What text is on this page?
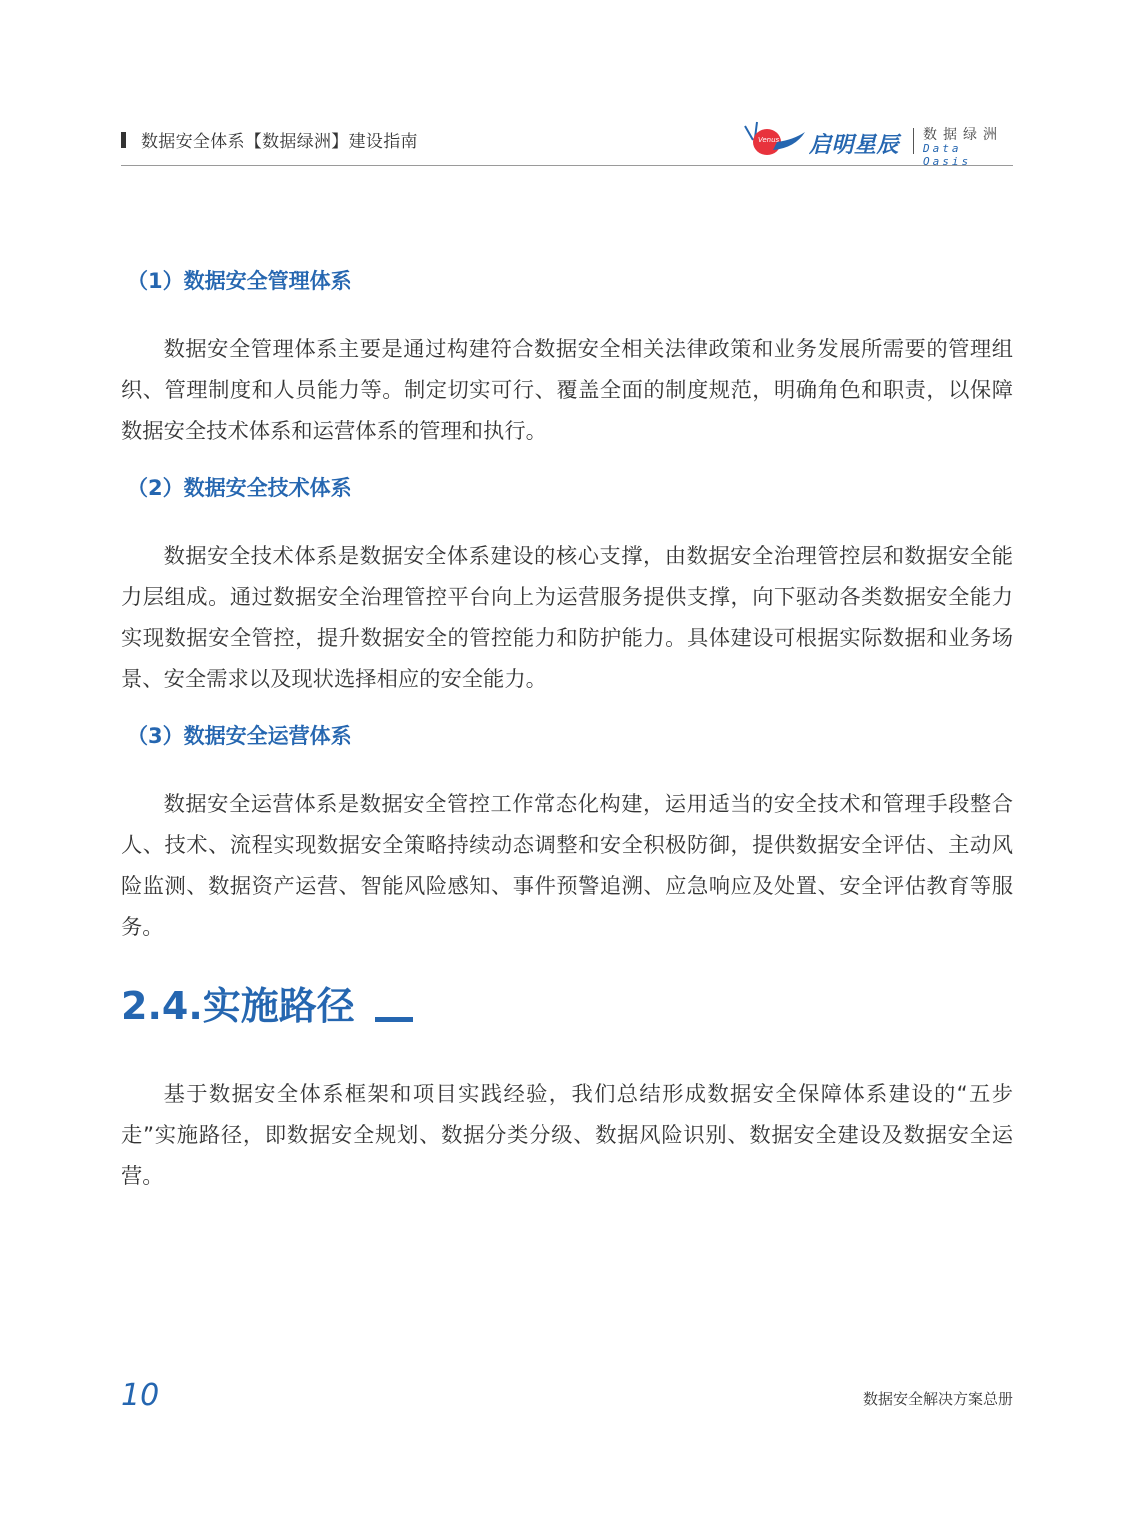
数据安全体系【数据绿洲】建设指南	Venus 启明星辰 数据绿洲
Data Oasis
（1）数据安全管理体系

数据安全管理体系主要是通过构建符合数据安全相关法律政策和业务发展所需要的管理组织、管理制度和人员能力等。制定切实可行、覆盖全面的制度规范，明确角色和职责，以保障数据安全技术体系和运营体系的管理和执行。

（2）数据安全技术体系

数据安全技术体系是数据安全体系建设的核心支撑，由数据安全治理管控层和数据安全能力层组成。通过数据安全治理管控平台向上为运营服务提供支撑，向下驱动各类数据安全能力实现数据安全管控，提升数据安全的管控能力和防护能力。具体建设可根据实际数据和业务场景、安全需求以及现状选择相应的安全能力。

（3）数据安全运营体系

数据安全运营体系是数据安全管控工作常态化构建，运用适当的安全技术和管理手段整合人、技术、流程实现数据安全策略持续动态调整和安全积极防御，提供数据安全评估、主动风险监测、数据资产运营、智能风险感知、事件预警追溯、应急响应及处置、安全评估教育等服务。

2.4.实施路径

基于数据安全体系框架和项目实践经验，我们总结形成数据安全保障体系建设的“五步走”实施路径，即数据安全规划、数据分类分级、数据风险识别、数据安全建设及数据安全运营。

10	数据安全解决方案总册
